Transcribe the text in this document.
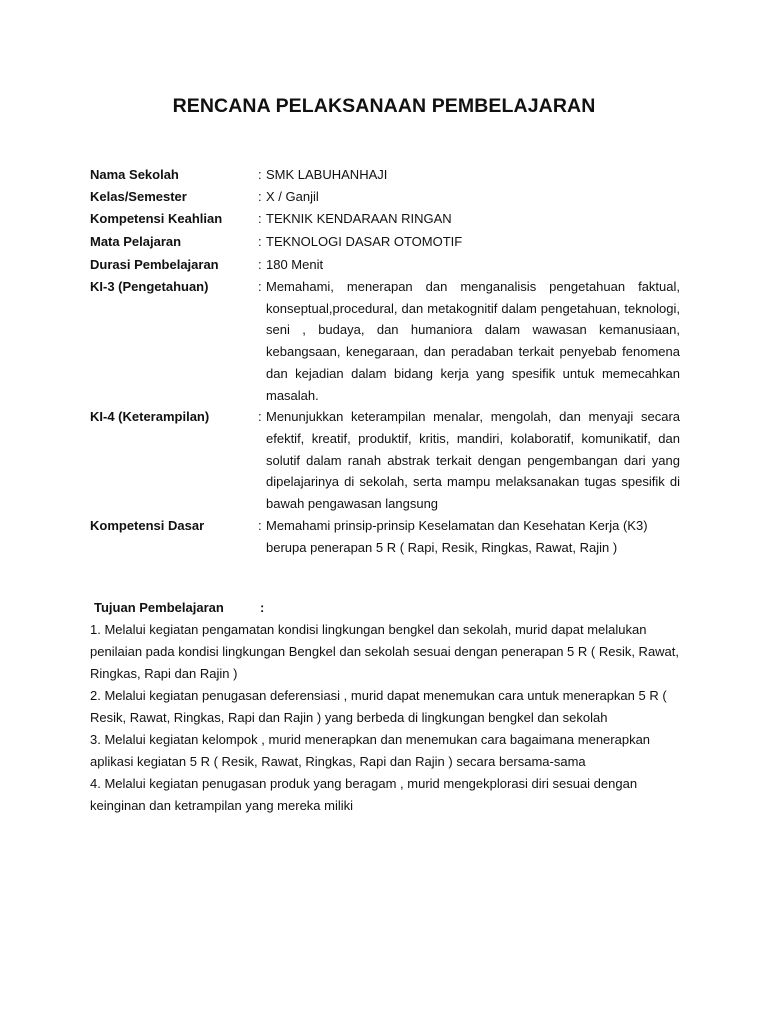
RENCANA PELAKSANAAN PEMBELAJARAN
Nama Sekolah	: SMK LABUHANHAJI
Kelas/Semester	: X / Ganjil
Kompetensi Keahlian	: TEKNIK KENDARAAN RINGAN
Mata Pelajaran	: TEKNOLOGI DASAR OTOMOTIF
Durasi Pembelajaran	: 180 Menit
KI-3 (Pengetahuan)	: Memahami, menerapan dan menganalisis pengetahuan faktual, konseptual,procedural, dan metakognitif dalam pengetahuan, teknologi, seni , budaya, dan humaniora dalam wawasan kemanusiaan, kebangsaan, kenegaraan, dan peradaban terkait penyebab fenomena dan kejadian dalam bidang kerja yang spesifik untuk memecahkan masalah.
KI-4 (Keterampilan)	: Menunjukkan keterampilan menalar, mengolah, dan menyaji secara efektif, kreatif, produktif, kritis, mandiri, kolaboratif, komunikatif, dan solutif dalam ranah abstrak terkait dengan pengembangan dari yang dipelajarinya di sekolah, serta mampu melaksanakan tugas spesifik di bawah pengawasan langsung
Kompetensi Dasar	: Memahami prinsip-prinsip Keselamatan dan Kesehatan Kerja (K3) berupa penerapan 5 R ( Rapi, Resik, Ringkas, Rawat, Rajin )
Tujuan Pembelajaran	:

1. Melalui kegiatan pengamatan kondisi lingkungan bengkel dan sekolah, murid dapat melalukan penilaian pada kondisi lingkungan Bengkel dan sekolah sesuai dengan penerapan 5 R ( Resik, Rawat, Ringkas, Rapi dan Rajin )

2. Melalui kegiatan penugasan deferensiasi , murid dapat menemukan cara untuk menerapkan 5 R ( Resik, Rawat, Ringkas, Rapi dan Rajin ) yang berbeda di lingkungan bengkel dan sekolah

3. Melalui kegiatan kelompok , murid menerapkan dan menemukan cara bagaimana menerapkan aplikasi kegiatan 5 R ( Resik, Rawat, Ringkas, Rapi dan Rajin ) secara bersama-sama

4. Melalui kegiatan penugasan produk yang beragam , murid mengekplorasi diri sesuai dengan keinginan dan ketrampilan yang mereka miliki
